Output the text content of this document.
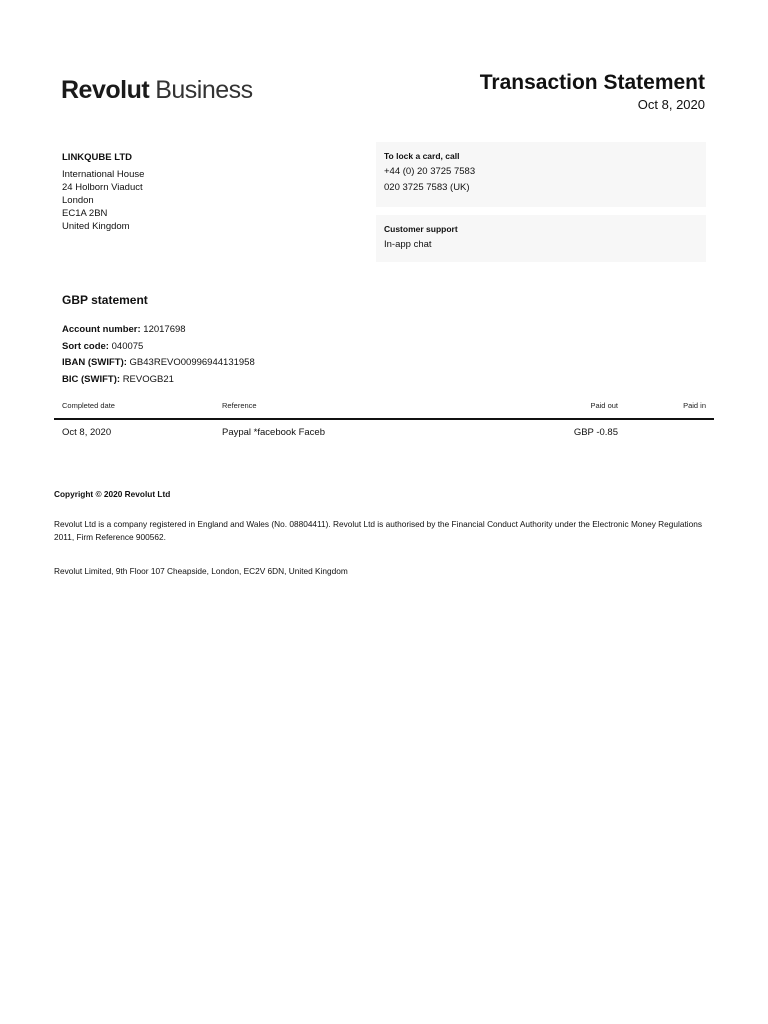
Revolut Business	Transaction Statement
Oct 8, 2020
LINKQUBE LTD
International House
24 Holborn Viaduct
London
EC1A 2BN
United Kingdom
To lock a card, call
+44 (0) 20 3725 7583
020 3725 7583 (UK)
Customer support
In-app chat
GBP statement
Account number: 12017698
Sort code: 040075
IBAN (SWIFT): GB43REVO00996944131958
BIC (SWIFT): REVOGB21
Completed date	Reference	Paid out	Paid in
Oct 8, 2020	Paypal *facebook Faceb	GBP -0.85
Copyright © 2020 Revolut Ltd
Revolut Ltd is a company registered in England and Wales (No. 08804411). Revolut Ltd is authorised by the Financial Conduct Authority under the Electronic Money Regulations 2011, Firm Reference 900562.
Revolut Limited, 9th Floor 107 Cheapside, London, EC2V 6DN, United Kingdom
